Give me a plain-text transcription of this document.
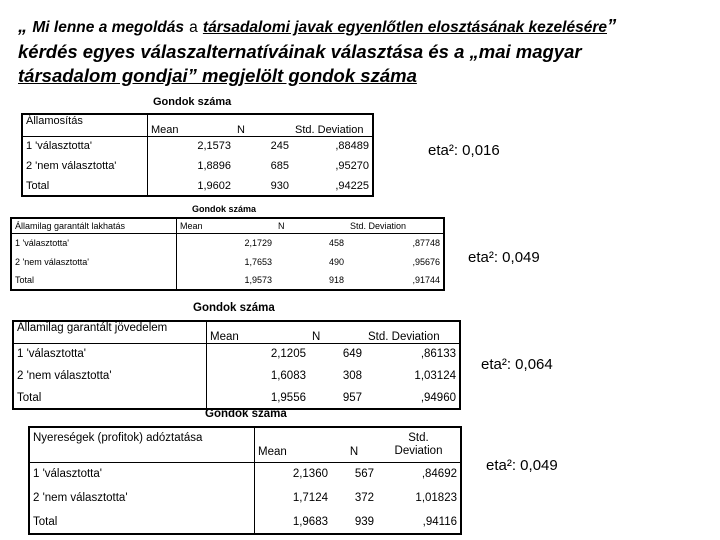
„ Mi lenne a megoldás a társadalomi javak egyenlőtlen elosztásának kezelésére”
kérdés egyes válaszalternatíváinak választása és a „mai magyar
társadalom gondjai” megjelölt gondok száma
Gondok száma
Államosítás	Mean	N	Std. Deviation
1 'választotta'	2,1573	245	,88489
2 'nem választotta'	1,8896	685	,95270
Total	1,9602	930	,94225
eta²: 0,016
Gondok száma
Államilag garantált lakhatás	Mean	N	Std. Deviation
1 'választotta'	2,1729	458	,87748
2 'nem választotta'	1,7653	490	,95676
Total	1,9573	918	,91744
eta²: 0,049
Gondok száma
Államilag garantált jövedelem	Mean	N	Std. Deviation
1 'választotta'	2,1205	649	,86133
2 'nem választotta'	1,6083	308	1,03124
Total	1,9556	957	,94960
eta²: 0,064
Gondok száma
Nyereségek (profitok) adóztatása	Mean	N	Std.
Deviation
1 'választotta'	2,1360	567	,84692
2 'nem választotta'	1,7124	372	1,01823
Total	1,9683	939	,94116
eta²: 0,049
